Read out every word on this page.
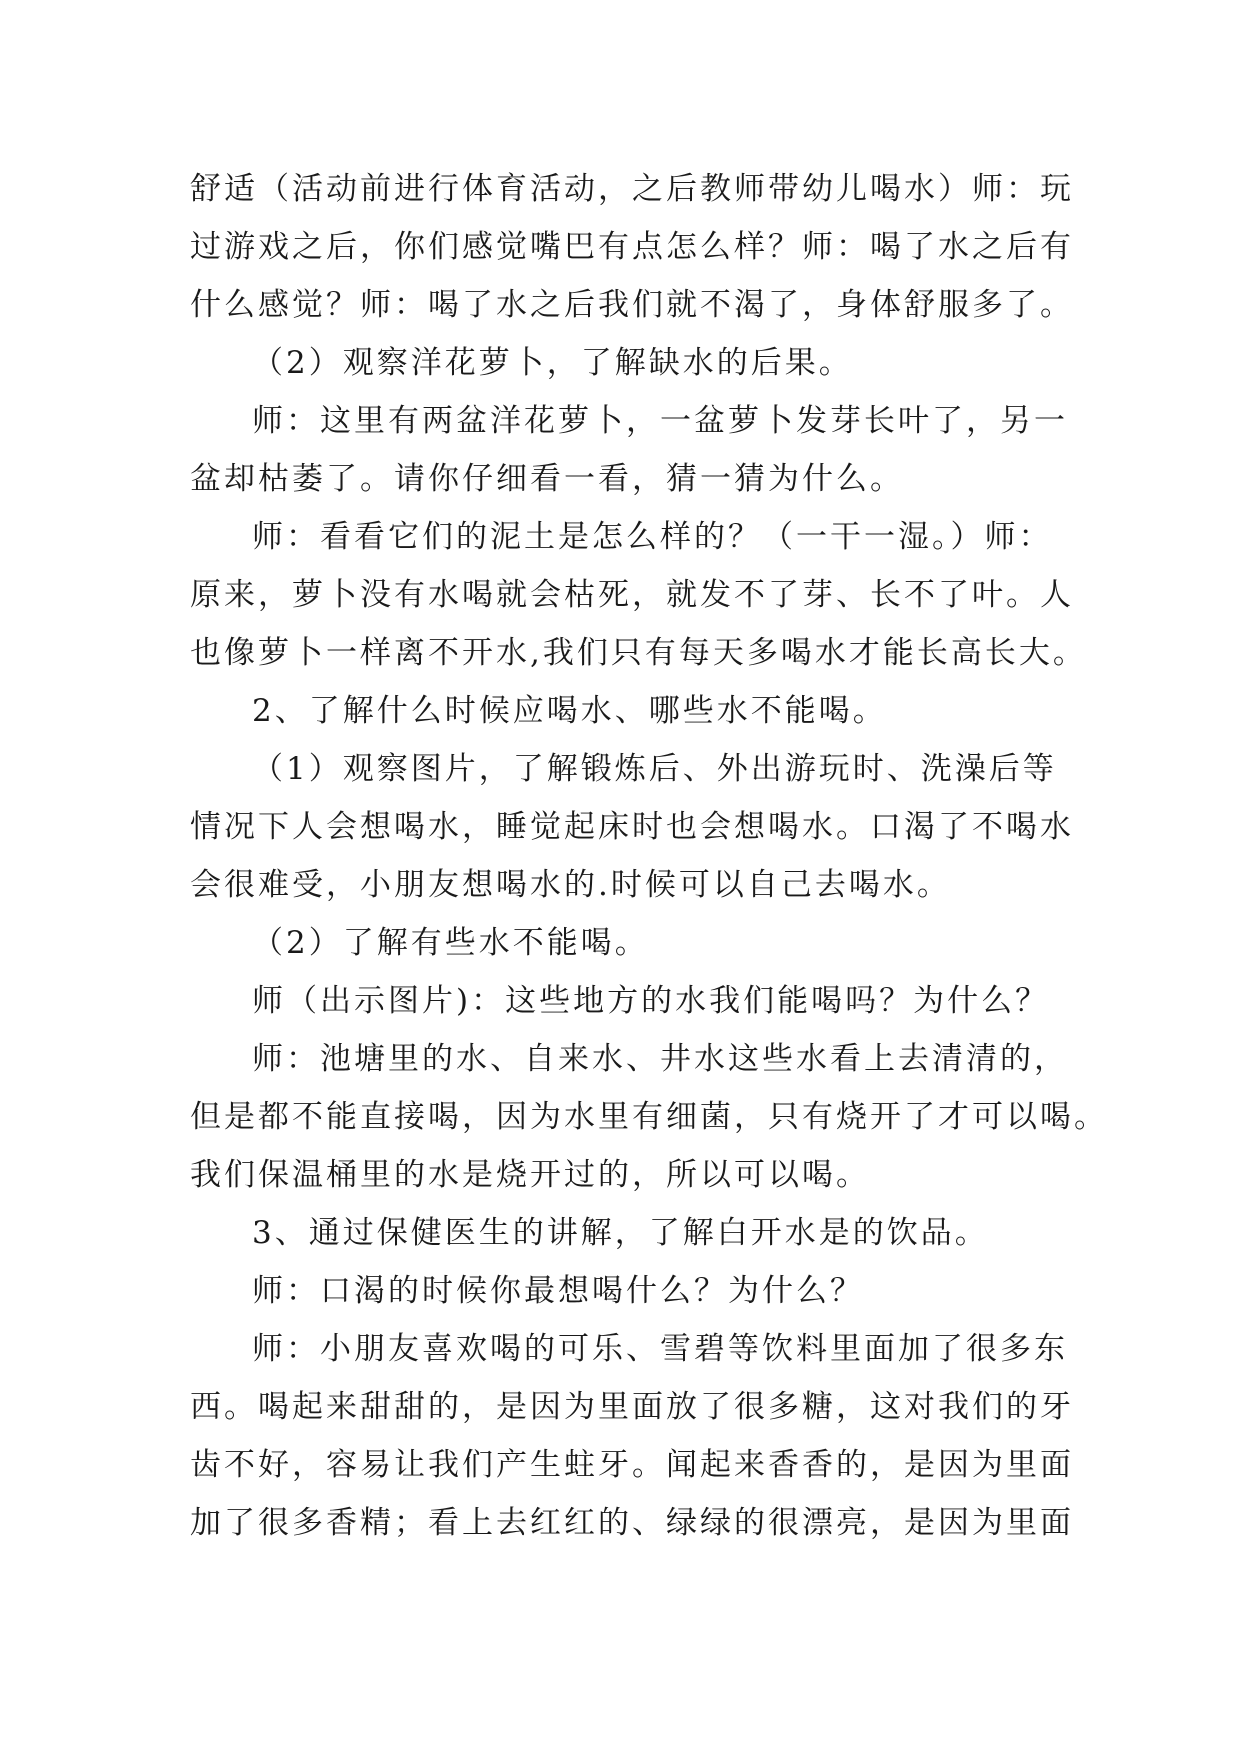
舒适（活动前进行体育活动，之后教师带幼儿喝水）师：玩
过游戏之后，你们感觉嘴巴有点怎么样？师：喝了水之后有
什么感觉？师：喝了水之后我们就不渴了，身体舒服多了。
（2）观察洋花萝卜，了解缺水的后果。
师：这里有两盆洋花萝卜，一盆萝卜发芽长叶了，另一
盆却枯萎了。请你仔细看一看，猜一猜为什么。
师：看看它们的泥土是怎么样的？（一干一湿。）师：
原来，萝卜没有水喝就会枯死，就发不了芽、长不了叶。人
也像萝卜一样离不开水,我们只有每天多喝水才能长高长大。
2、了解什么时候应喝水、哪些水不能喝。
（1）观察图片，了解锻炼后、外出游玩时、洗澡后等
情况下人会想喝水，睡觉起床时也会想喝水。口渴了不喝水
会很难受，小朋友想喝水的.时候可以自己去喝水。
（2）了解有些水不能喝。
师（出示图片)：这些地方的水我们能喝吗？为什么？
师：池塘里的水、自来水、井水这些水看上去清清的，
但是都不能直接喝，因为水里有细菌，只有烧开了才可以喝。
我们保温桶里的水是烧开过的，所以可以喝。
3、通过保健医生的讲解，了解白开水是的饮品。
师：口渴的时候你最想喝什么？为什么？
师：小朋友喜欢喝的可乐、雪碧等饮料里面加了很多东
西。喝起来甜甜的，是因为里面放了很多糖，这对我们的牙
齿不好，容易让我们产生蛀牙。闻起来香香的，是因为里面
加了很多香精；看上去红红的、绿绿的很漂亮，是因为里面
